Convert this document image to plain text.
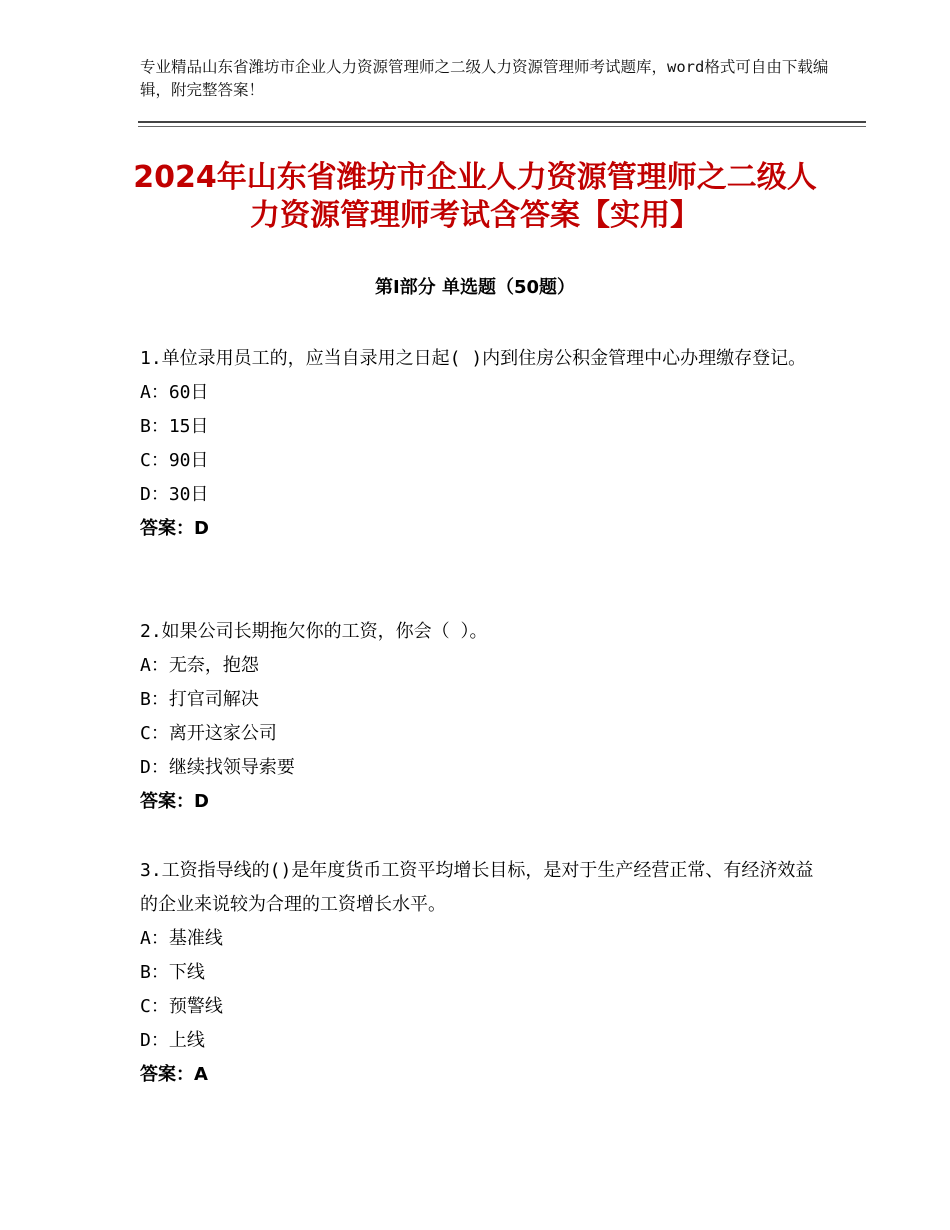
专业精品山东省潍坊市企业人力资源管理师之二级人力资源管理师考试题库，word格式可自由下载编辑，附完整答案！
2024年山东省潍坊市企业人力资源管理师之二级人力资源管理师考试含答案【实用】
第Ⅰ部分 单选题（50题）

1.单位录用员工的，应当自录用之日起( )内到住房公积金管理中心办理缴存登记。

A：60日

B：15日

C：90日

D：30日

答案：D

2.如果公司长期拖欠你的工资，你会（ ）。

A：无奈，抱怨

B：打官司解决

C：离开这家公司

D：继续找领导索要

答案：D

3.工资指导线的()是年度货币工资平均增长目标，是对于生产经营正常、有经济效益的企业来说较为合理的工资增长水平。

A：基准线

B：下线

C：预警线

D：上线

答案：A
